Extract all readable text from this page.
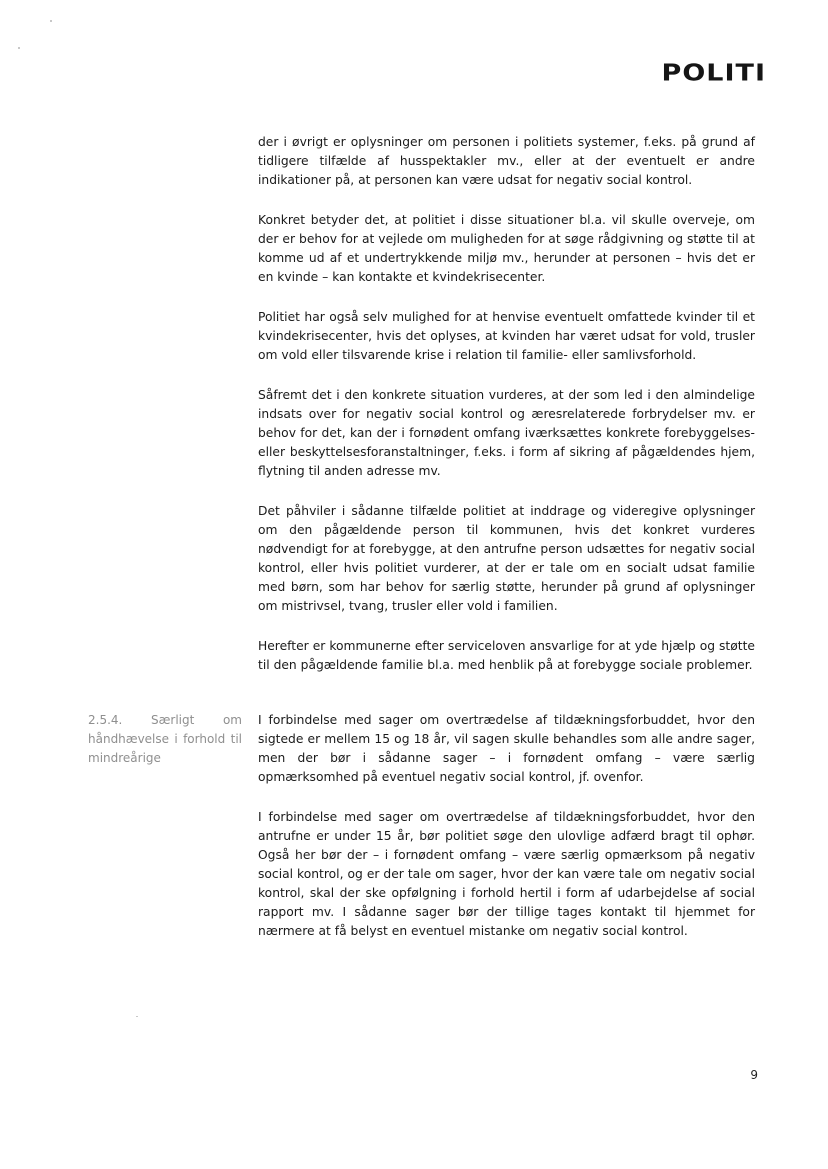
POLITI

der i øvrigt er oplysninger om personen i politiets systemer, f.eks. på grund af tidligere tilfælde af husspektakler mv., eller at der eventuelt er andre indikationer på, at personen kan være udsat for negativ social kontrol.

Konkret betyder det, at politiet i disse situationer bl.a. vil skulle overveje, om der er behov for at vejlede om muligheden for at søge rådgivning og støtte til at komme ud af et undertrykkende miljø mv., herunder at personen – hvis det er en kvinde – kan kontakte et kvindekrisecenter.

Politiet har også selv mulighed for at henvise eventuelt omfattede kvinder til et kvindekrisecenter, hvis det oplyses, at kvinden har været udsat for vold, trusler om vold eller tilsvarende krise i relation til familie- eller samlivsforhold.

Såfremt det i den konkrete situation vurderes, at der som led i den almindelige indsats over for negativ social kontrol og æresrelaterede forbrydelser mv. er behov for det, kan der i fornødent omfang iværksættes konkrete forebyggelses- eller beskyttelsesforanstaltninger, f.eks. i form af sikring af pågældendes hjem, flytning til anden adresse mv.

Det påhviler i sådanne tilfælde politiet at inddrage og videregive oplysninger om den pågældende person til kommunen, hvis det konkret vurderes nødvendigt for at forebygge, at den antrufne person udsættes for negativ social kontrol, eller hvis politiet vurderer, at der er tale om en socialt udsat familie med børn, som har behov for særlig støtte, herunder på grund af oplysninger om mistrivsel, tvang, trusler eller vold i familien.

Herefter er kommunerne efter serviceloven ansvarlige for at yde hjælp og støtte til den pågældende familie bl.a. med henblik på at forebygge sociale problemer.

2.5.4. Særligt om håndhævelse i forhold til mindreårige

I forbindelse med sager om overtrædelse af tildækningsforbuddet, hvor den sigtede er mellem 15 og 18 år, vil sagen skulle behandles som alle andre sager, men der bør i sådanne sager – i fornødent omfang – være særlig opmærksomhed på eventuel negativ social kontrol, jf. ovenfor.

I forbindelse med sager om overtrædelse af tildækningsforbuddet, hvor den antrufne er under 15 år, bør politiet søge den ulovlige adfærd bragt til ophør. Også her bør der – i fornødent omfang – være særlig opmærksom på negativ social kontrol, og er der tale om sager, hvor der kan være tale om negativ social kontrol, skal der ske opfølgning i forhold hertil i form af udarbejdelse af social rapport mv. I sådanne sager bør der tillige tages kontakt til hjemmet for nærmere at få belyst en eventuel mistanke om negativ social kontrol.

9
